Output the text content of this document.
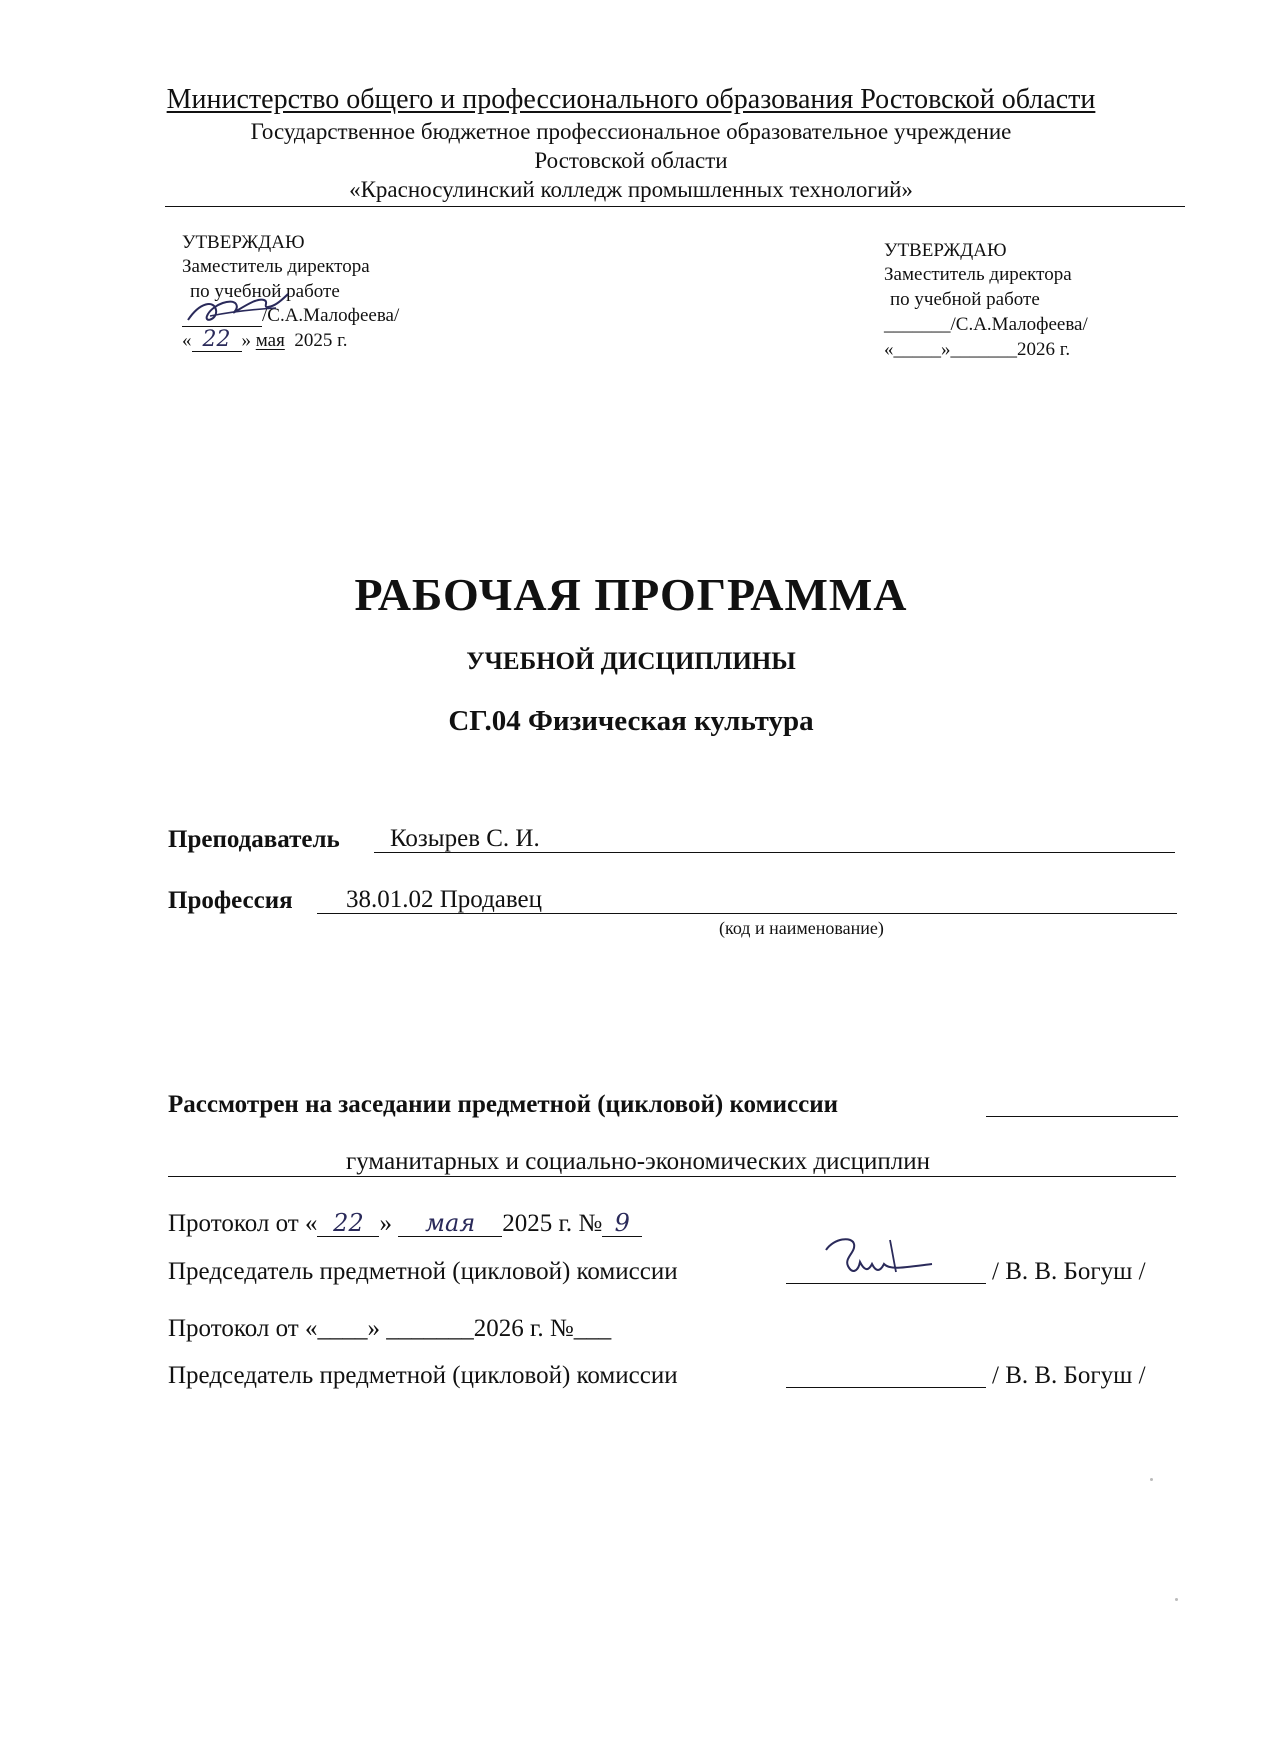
Министерство общего и профессионального образования Ростовской области
Государственное бюджетное профессиональное образовательное учреждение
Ростовской области
«Красносулинский колледж промышленных технологий»
УТВЕРЖДАЮ
Заместитель директора
по учебной работе
/С.А.Малофеева/
« 22 » мая 2025 г.
УТВЕРЖДАЮ
Заместитель директора
по учебной работе
_______/С.А.Малофеева/
«_____»_______2026 г.
РАБОЧАЯ ПРОГРАММА
УЧЕБНОЙ ДИСЦИПЛИНЫ
СГ.04 Физическая культура
Преподаватель Козырев С. И.
Профессия 38.01.02 Продавец
(код и наименование)
Рассмотрен на заседании предметной (цикловой) комиссии
гуманитарных и социально-экономических дисциплин
Протокол от « 22 » мая 2025 г. № 9
Председатель предметной (цикловой) комиссии	/ В. В. Богуш /
Протокол от «____» _______2026 г. №___
Председатель предметной (цикловой) комиссии	/ В. В. Богуш /
